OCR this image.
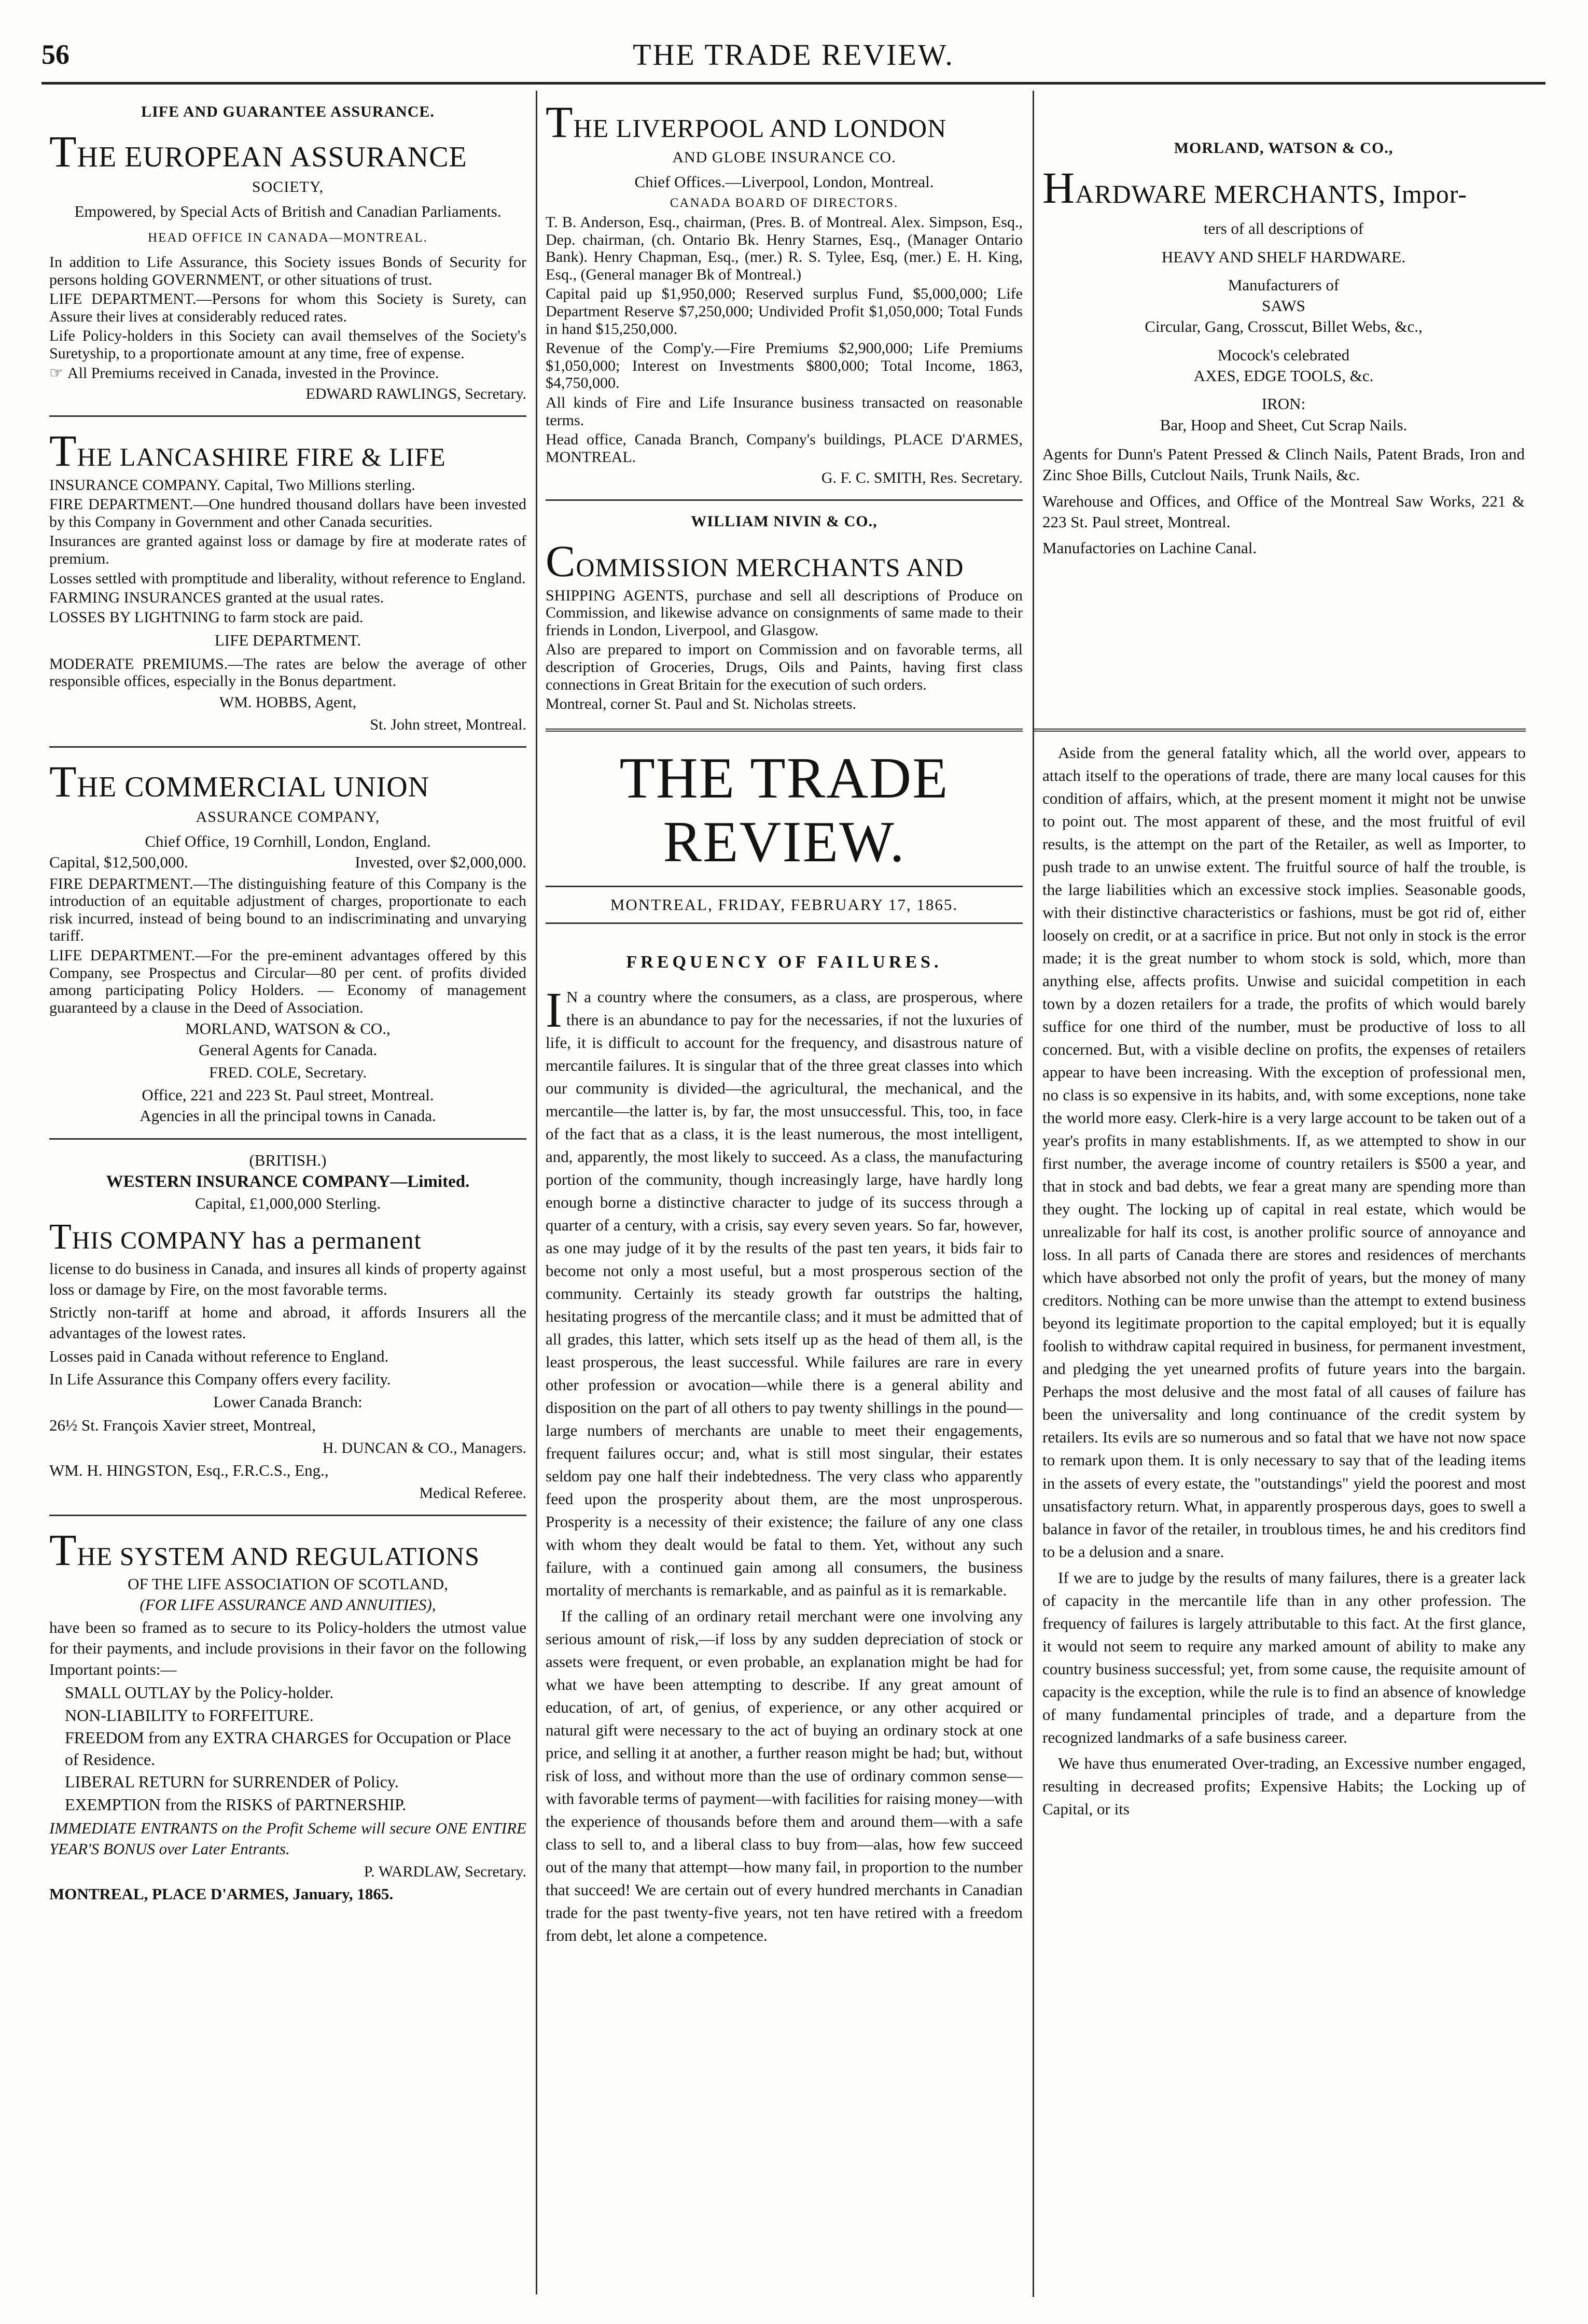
56	THE TRADE REVIEW.
LIFE AND GUARANTEE ASSURANCE.
THE EUROPEAN ASSURANCE
SOCIETY,
Empowered, by Special Acts of British and Canadian Parliaments.
HEAD OFFICE IN CANADA—MONTREAL.
In addition to Life Assurance, this Society issues Bonds of Security for persons holding GOVERNMENT, or other situations of trust.
LIFE DEPARTMENT.—Persons for whom this Society is Surety, can Assure their lives at considerably reduced rates.
Life Policy-holders in this Society can avail themselves of the Society's Suretyship, to a proportionate amount at any time, free of expense.
☞ All Premiums received in Canada, invested in the Province.
EDWARD RAWLINGS, Secretary.
THE LANCASHIRE FIRE & LIFE
INSURANCE COMPANY. Capital, Two Millions sterling.
FIRE DEPARTMENT.—One hundred thousand dollars have been invested by this Company in Government and other Canada securities.
Insurances are granted against loss or damage by fire at moderate rates of premium.
Losses settled with promptitude and liberality, without reference to England.
FARMING INSURANCES granted at the usual rates.
LOSSES BY LIGHTNING to farm stock are paid.
LIFE DEPARTMENT.
MODERATE PREMIUMS.—The rates are below the average of other responsible offices, especially in the Bonus department.
WM. HOBBS, Agent,
St. John street, Montreal.
THE COMMERCIAL UNION
ASSURANCE COMPANY,
Chief Office, 19 Cornhill, London, England.
Capital, $12,500,000.	Invested, over $2,000,000.
FIRE DEPARTMENT.—The distinguishing feature of this Company is the introduction of an equitable adjustment of charges, proportionate to each risk incurred, instead of being bound to an indiscriminating and unvarying tariff.
LIFE DEPARTMENT.—For the pre-eminent advantages offered by this Company, see Prospectus and Circular—80 per cent. of profits divided among participating Policy Holders. — Economy of management guaranteed by a clause in the Deed of Association.
MORLAND, WATSON & CO.,
General Agents for Canada.
FRED. COLE, Secretary.
Office, 221 and 223 St. Paul street, Montreal.
Agencies in all the principal towns in Canada.
(BRITISH.)
WESTERN INSURANCE COMPANY—Limited.
Capital, £1,000,000 Sterling.
THIS COMPANY has a permanent
license to do business in Canada, and insures all kinds of property against loss or damage by Fire, on the most favorable terms.
Strictly non-tariff at home and abroad, it affords Insurers all the advantages of the lowest rates.
Losses paid in Canada without reference to England.
In Life Assurance this Company offers every facility.
Lower Canada Branch:
26½ St. François Xavier street, Montreal,
H. DUNCAN & CO., Managers.
WM. H. HINGSTON, Esq., F.R.C.S., Eng.,
Medical Referee.
THE SYSTEM AND REGULATIONS
OF THE LIFE ASSOCIATION OF SCOTLAND,
(FOR LIFE ASSURANCE AND ANNUITIES),
have been so framed as to secure to its Policy-holders the utmost value for their payments, and include provisions in their favor on the following Important points:—
SMALL OUTLAY by the Policy-holder.
NON-LIABILITY to FORFEITURE.
FREEDOM from any EXTRA CHARGES for Occupation or Place of Residence.
LIBERAL RETURN for SURRENDER of Policy.
EXEMPTION from the RISKS of PARTNERSHIP.
IMMEDIATE ENTRANTS on the Profit Scheme will secure ONE ENTIRE YEAR'S BONUS over Later Entrants.
P. WARDLAW, Secretary.
MONTREAL, PLACE D'ARMES, January, 1865.
THE LIVERPOOL AND LONDON
AND GLOBE INSURANCE CO.
Chief Offices.—Liverpool, London, Montreal.
CANADA BOARD OF DIRECTORS.
T. B. Anderson, Esq., chairman, (Pres. B. of Montreal. Alex. Simpson, Esq., Dep. chairman, (ch. Ontario Bk. Henry Starnes, Esq., (Manager Ontario Bank). Henry Chapman, Esq., (mer.) R. S. Tylee, Esq, (mer.) E. H. King, Esq., (General manager Bk of Montreal.)
Capital paid up $1,950,000; Reserved surplus Fund, $5,000,000; Life Department Reserve $7,250,000; Undivided Profit $1,050,000; Total Funds in hand $15,250,000.
Revenue of the Comp'y.—Fire Premiums $2,900,000; Life Premiums $1,050,000; Interest on Investments $800,000; Total Income, 1863, $4,750,000.
All kinds of Fire and Life Insurance business transacted on reasonable terms.
Head office, Canada Branch, Company's buildings, PLACE D'ARMES, MONTREAL.
G. F. C. SMITH, Res. Secretary.
WILLIAM NIVIN & CO.,
COMMISSION MERCHANTS AND
SHIPPING AGENTS, purchase and sell all descriptions of Produce on Commission, and likewise advance on consignments of same made to their friends in London, Liverpool, and Glasgow.
Also are prepared to import on Commission and on favorable terms, all description of Groceries, Drugs, Oils and Paints, having first class connections in Great Britain for the execution of such orders.
Montreal, corner St. Paul and St. Nicholas streets.
MORLAND, WATSON & CO.,
HARDWARE MERCHANTS, Impor-
ters of all descriptions of
HEAVY AND SHELF HARDWARE.
Manufacturers of
SAWS
Circular, Gang, Crosscut, Billet Webs, &c.,
Mocock's celebrated
AXES, EDGE TOOLS, &c.
IRON:
Bar, Hoop and Sheet, Cut Scrap Nails.
Agents for Dunn's Patent Pressed & Clinch Nails, Patent Brads, Iron and Zinc Shoe Bills, Cutclout Nails, Trunk Nails, &c.
Warehouse and Offices, and Office of the Montreal Saw Works, 221 & 223 St. Paul street, Montreal.
Manufactories on Lachine Canal.
THE TRADE REVIEW.
MONTREAL, FRIDAY, FEBRUARY 17, 1865.
FREQUENCY OF FAILURES.
I N a country where the consumers, as a class, are prosperous, where there is an abundance to pay for the necessaries, if not the luxuries of life, it is difficult to account for the frequency, and disastrous nature of mercantile failures. It is singular that of the three great classes into which our community is divided—the agricultural, the mechanical, and the mercantile—the latter is, by far, the most unsuccessful. This, too, in face of the fact that as a class, it is the least numerous, the most intelligent, and, apparently, the most likely to succeed. As a class, the manufacturing portion of the community, though increasingly large, have hardly long enough borne a distinctive character to judge of its success through a quarter of a century, with a crisis, say every seven years. So far, however, as one may judge of it by the results of the past ten years, it bids fair to become not only a most useful, but a most prosperous section of the community. Certainly its steady growth far outstrips the halting, hesitating progress of the mercantile class; and it must be admitted that of all grades, this latter, which sets itself up as the head of them all, is the least prosperous, the least successful. While failures are rare in every other profession or avocation—while there is a general ability and disposition on the part of all others to pay twenty shillings in the pound—large numbers of merchants are unable to meet their engagements, frequent failures occur; and, what is still most singular, their estates seldom pay one half their indebtedness. The very class who apparently feed upon the prosperity about them, are the most unprosperous. Prosperity is a necessity of their existence; the failure of any one class with whom they dealt would be fatal to them. Yet, without any such failure, with a continued gain among all consumers, the business mortality of merchants is remarkable, and as painful as it is remarkable.
If the calling of an ordinary retail merchant were one involving any serious amount of risk,—if loss by any sudden depreciation of stock or assets were frequent, or even probable, an explanation might be had for what we have been attempting to describe. If any great amount of education, of art, of genius, of experience, or any other acquired or natural gift were necessary to the act of buying an ordinary stock at one price, and selling it at another, a further reason might be had; but, without risk of loss, and without more than the use of ordinary common sense—with favorable terms of payment—with facilities for raising money—with the experience of thousands before them and around them—with a safe class to sell to, and a liberal class to buy from—alas, how few succeed out of the many that attempt—how many fail, in proportion to the number that succeed! We are certain out of every hundred merchants in Canadian trade for the past twenty-five years, not ten have retired with a freedom from debt, let alone a competence.
Aside from the general fatality which, all the world over, appears to attach itself to the operations of trade, there are many local causes for this condition of affairs, which, at the present moment it might not be unwise to point out. The most apparent of these, and the most fruitful of evil results, is the attempt on the part of the Retailer, as well as Importer, to push trade to an unwise extent. The fruitful source of half the trouble, is the large liabilities which an excessive stock implies. Seasonable goods, with their distinctive characteristics or fashions, must be got rid of, either loosely on credit, or at a sacrifice in price. But not only in stock is the error made; it is the great number to whom stock is sold, which, more than anything else, affects profits. Unwise and suicidal competition in each town by a dozen retailers for a trade, the profits of which would barely suffice for one third of the number, must be productive of loss to all concerned. But, with a visible decline on profits, the expenses of retailers appear to have been increasing. With the exception of professional men, no class is so expensive in its habits, and, with some exceptions, none take the world more easy. Clerk-hire is a very large account to be taken out of a year's profits in many establishments. If, as we attempted to show in our first number, the average income of country retailers is $500 a year, and that in stock and bad debts, we fear a great many are spending more than they ought. The locking up of capital in real estate, which would be unrealizable for half its cost, is another prolific source of annoyance and loss. In all parts of Canada there are stores and residences of merchants which have absorbed not only the profit of years, but the money of many creditors. Nothing can be more unwise than the attempt to extend business beyond its legitimate proportion to the capital employed; but it is equally foolish to withdraw capital required in business, for permanent investment, and pledging the yet unearned profits of future years into the bargain. Perhaps the most delusive and the most fatal of all causes of failure has been the universality and long continuance of the credit system by retailers. Its evils are so numerous and so fatal that we have not now space to remark upon them. It is only necessary to say that of the leading items in the assets of every estate, the "outstandings" yield the poorest and most unsatisfactory return. What, in apparently prosperous days, goes to swell a balance in favor of the retailer, in troublous times, he and his creditors find to be a delusion and a snare.
If we are to judge by the results of many failures, there is a greater lack of capacity in the mercantile life than in any other profession. The frequency of failures is largely attributable to this fact. At the first glance, it would not seem to require any marked amount of ability to make any country business successful; yet, from some cause, the requisite amount of capacity is the exception, while the rule is to find an absence of knowledge of many fundamental principles of trade, and a departure from the recognized landmarks of a safe business career.
We have thus enumerated Over-trading, an Excessive number engaged, resulting in decreased profits; Expensive Habits; the Locking up of Capital, or its
